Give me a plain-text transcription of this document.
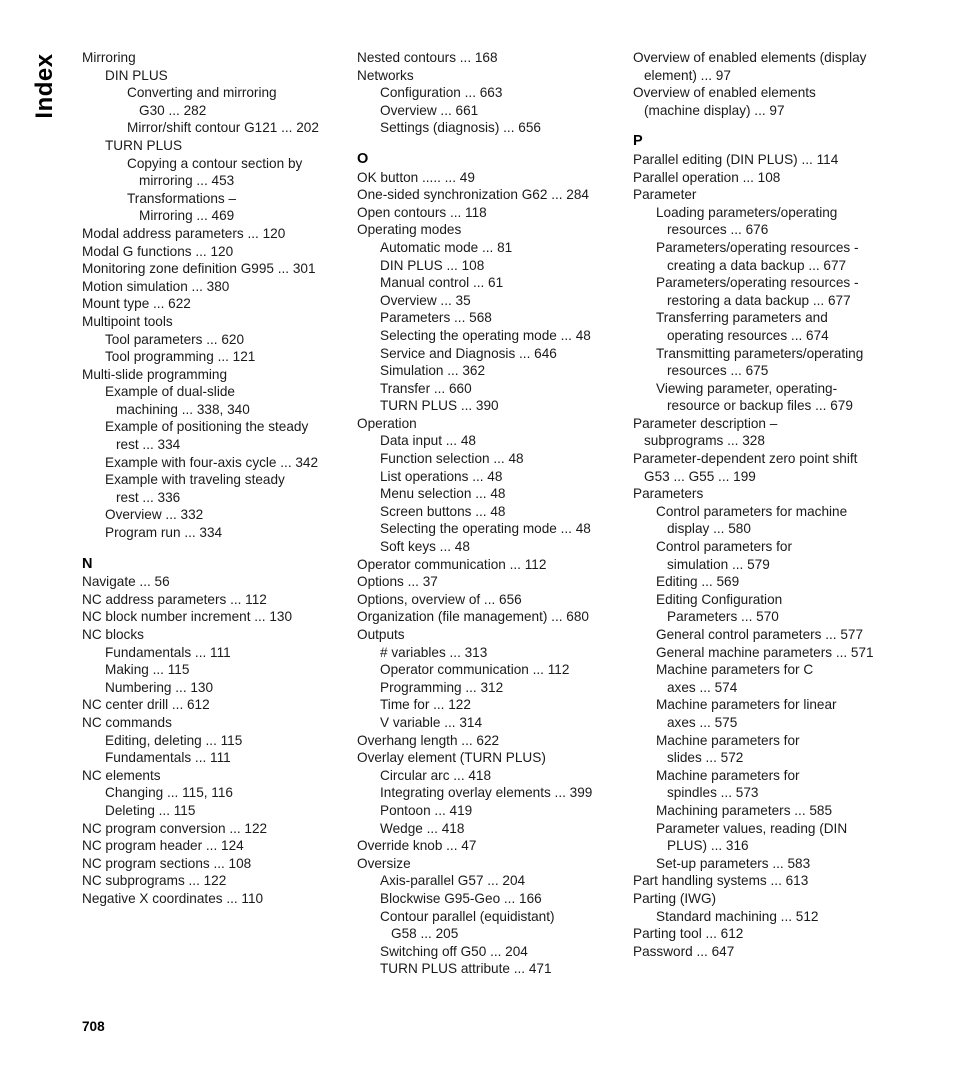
Index Mirroring
DIN PLUS
Converting and mirroring
G30 ... 282
Mirror/shift contour G121 ... 202
TURN PLUS
Copying a contour section by
mirroring ... 453
Transformations –
Mirroring ... 469
Modal address parameters ... 120
Modal G functions ... 120
Monitoring zone definition G995 ... 301
Motion simulation ... 380
Mount type ... 622
Multipoint tools
Tool parameters ... 620
Tool programming ... 121
Multi-slide programming
Example of dual-slide
machining ... 338, 340
Example of positioning the steady
rest ... 334
Example with four-axis cycle ... 342
Example with traveling steady
rest ... 336
Overview ... 332
Program run ... 334
N
Navigate ... 56
NC address parameters ... 112
NC block number increment ... 130
NC blocks
Fundamentals ... 111
Making ... 115
Numbering ... 130
NC center drill ... 612
NC commands
Editing, deleting ... 115
Fundamentals ... 111
NC elements
Changing ... 115, 116
Deleting ... 115
NC program conversion ... 122
NC program header ... 124
NC program sections ... 108
NC subprograms ... 122
Negative X coordinates ... 110
Nested contours ... 168
Networks
Configuration ... 663
Overview ... 661
Settings (diagnosis) ... 656
O
OK button ..... ... 49
One-sided synchronization G62 ... 284
Open contours ... 118
Operating modes
Automatic mode ... 81
DIN PLUS ... 108
Manual control ... 61
Overview ... 35
Parameters ... 568
Selecting the operating mode ... 48
Service and Diagnosis ... 646
Simulation ... 362
Transfer ... 660
TURN PLUS ... 390
Operation
Data input ... 48
Function selection ... 48
List operations ... 48
Menu selection ... 48
Screen buttons ... 48
Selecting the operating mode ... 48
Soft keys ... 48
Operator communication ... 112
Options ... 37
Options, overview of ... 656
Organization (file management) ... 680
Outputs
# variables ... 313
Operator communication ... 112
Programming ... 312
Time for ... 122
V variable ... 314
Overhang length ... 622
Overlay element (TURN PLUS)
Circular arc ... 418
Integrating overlay elements ... 399
Pontoon ... 419
Wedge ... 418
Override knob ... 47
Oversize
Axis-parallel G57 ... 204
Blockwise G95-Geo ... 166
Contour parallel (equidistant)
G58 ... 205
Switching off G50 ... 204
TURN PLUS attribute ... 471
Overview of enabled elements (display
element) ... 97
Overview of enabled elements
(machine display) ... 97
P
Parallel editing (DIN PLUS) ... 114
Parallel operation ... 108
Parameter
Loading parameters/operating
resources ... 676
Parameters/operating resources -
creating a data backup ... 677
Parameters/operating resources -
restoring a data backup ... 677
Transferring parameters and
operating resources ... 674
Transmitting parameters/operating
resources ... 675
Viewing parameter, operating-
resource or backup files ... 679
Parameter description –
subprograms ... 328
Parameter-dependent zero point shift
G53 ... G55 ... 199
Parameters
Control parameters for machine
display ... 580
Control parameters for
simulation ... 579
Editing ... 569
Editing Configuration
Parameters ... 570
General control parameters ... 577
General machine parameters ... 571
Machine parameters for C
axes ... 574
Machine parameters for linear
axes ... 575
Machine parameters for
slides ... 572
Machine parameters for
spindles ... 573
Machining parameters ... 585
Parameter values, reading (DIN
PLUS) ... 316
Set-up parameters ... 583
Part handling systems ... 613
Parting (IWG)
Standard machining ... 512
Parting tool ... 612
Password ... 647
708
